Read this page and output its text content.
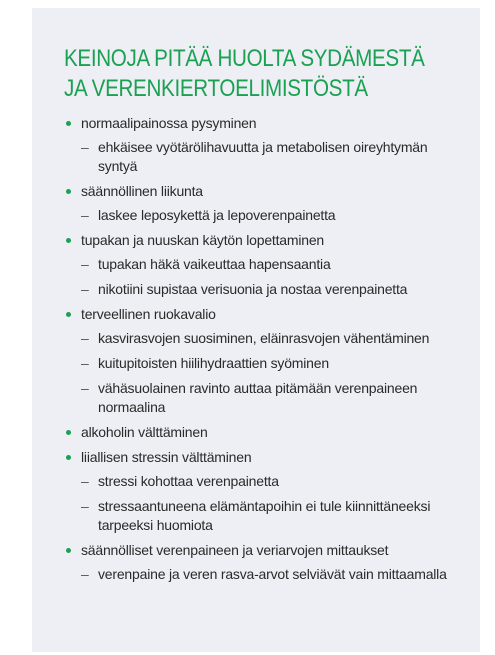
KEINOJA PITÄÄ HUOLTA SYDÄMESTÄ
JA VERENKIERTOELIMISTÖSTÄ
normaalipainossa pysyminen
– ehkäisee vyötärölihavuutta ja metabolisen oireyhtymän syntyä
säännöllinen liikunta
– laskee leposykettä ja lepoverenpainetta
tupakan ja nuuskan käytön lopettaminen
– tupakan häkä vaikeuttaa hapensaantia
– nikotiini supistaa verisuonia ja nostaa verenpainetta
terveellinen ruokavalio
– kasvirasvojen suosiminen, eläinrasvojen vähentäminen
– kuitupitoisten hiilihydraattien syöminen
– vähäsuolainen ravinto auttaa pitämään verenpaineen normaalina
alkoholin välttäminen
liiallisen stressin välttäminen
– stressi kohottaa verenpainetta
– stressaantuneena elämäntapoihin ei tule kiinnittäneeksi tarpeeksi huomiota
säännölliset verenpaineen ja veriarvojen mittaukset
– verenpaine ja veren rasva-arvot selviävät vain mittaamalla
